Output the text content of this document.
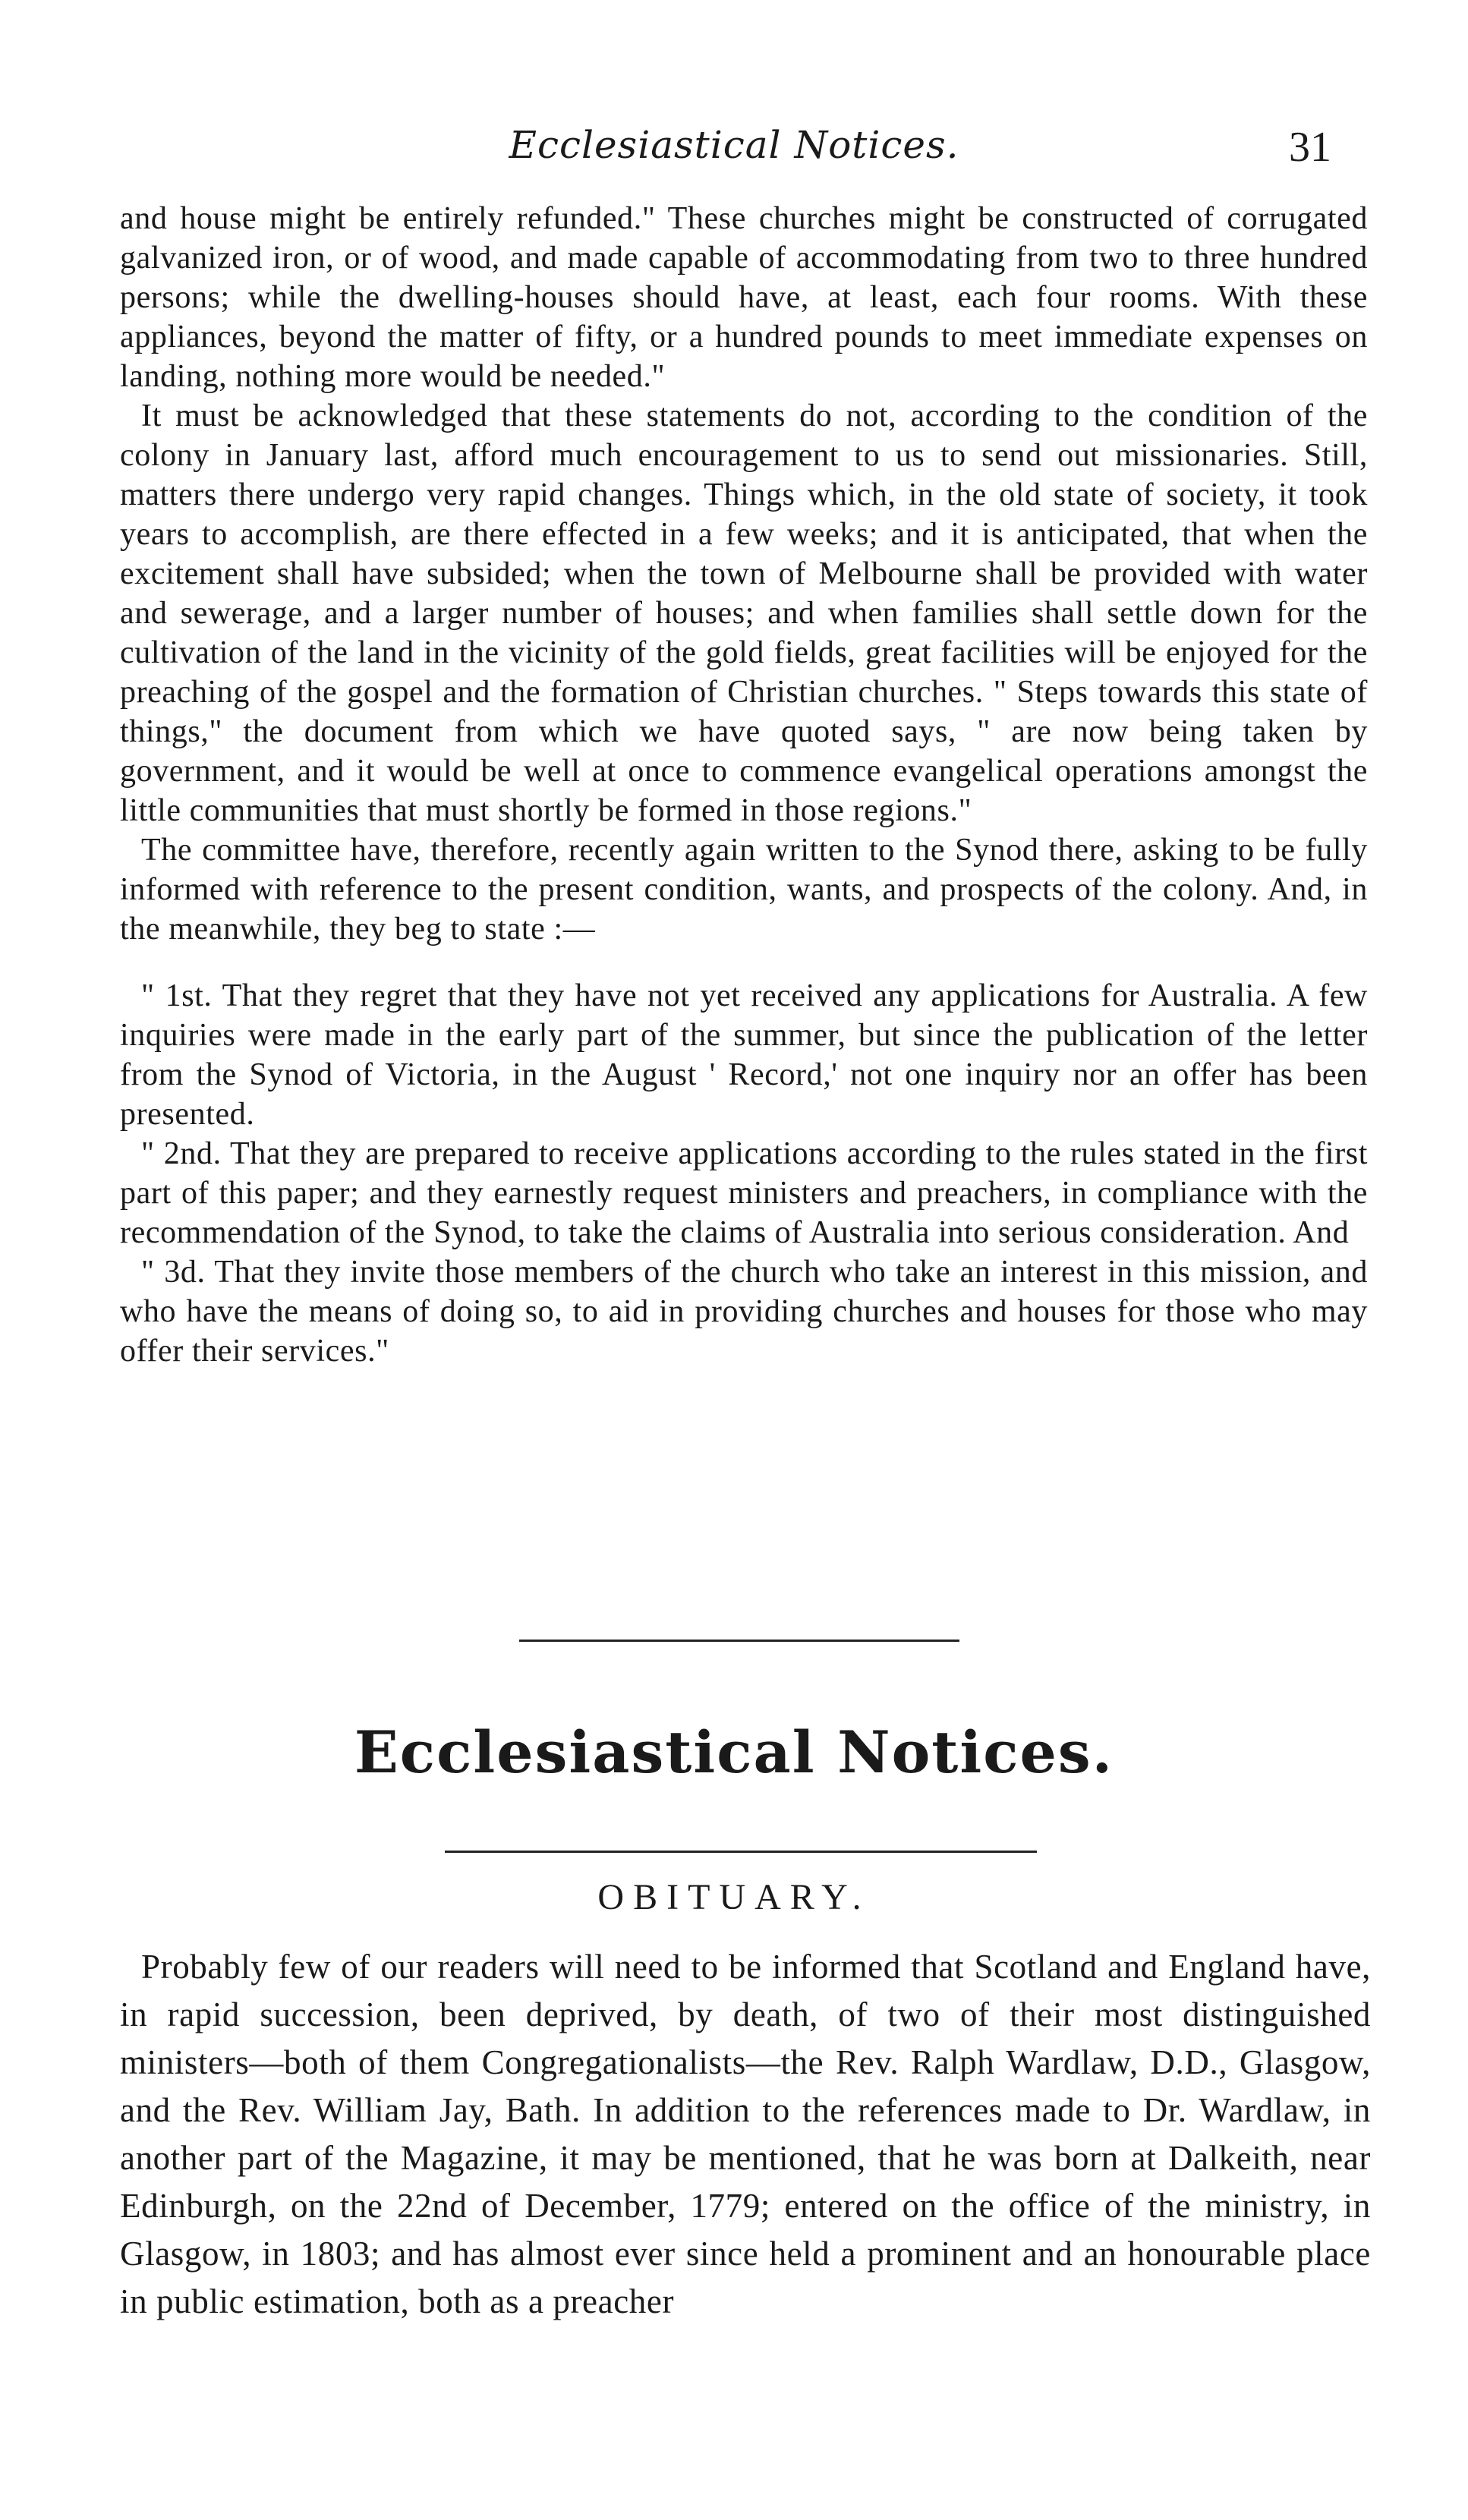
Ecclesiastical Notices.	31

and house might be entirely refunded." These churches might be constructed of corrugated galvanized iron, or of wood, and made capable of accommodating from two to three hundred persons; while the dwelling-houses should have, at least, each four rooms. With these appliances, beyond the matter of fifty, or a hundred pounds to meet immediate expenses on landing, nothing more would be needed."

It must be acknowledged that these statements do not, according to the condition of the colony in January last, afford much encouragement to us to send out missionaries. Still, matters there undergo very rapid changes. Things which, in the old state of society, it took years to accomplish, are there effected in a few weeks; and it is anticipated, that when the excitement shall have subsided; when the town of Melbourne shall be provided with water and sewerage, and a larger number of houses; and when families shall settle down for the cultivation of the land in the vicinity of the gold fields, great facilities will be enjoyed for the preaching of the gospel and the formation of Christian churches. " Steps towards this state of things," the document from which we have quoted says, " are now being taken by government, and it would be well at once to commence evangelical operations amongst the little communities that must shortly be formed in those regions."

The committee have, therefore, recently again written to the Synod there, asking to be fully informed with reference to the present condition, wants, and prospects of the colony. And, in the meanwhile, they beg to state :—

" 1st. That they regret that they have not yet received any applications for Australia. A few inquiries were made in the early part of the summer, but since the publication of the letter from the Synod of Victoria, in the August ' Record,' not one inquiry nor an offer has been presented.

" 2nd. That they are prepared to receive applications according to the rules stated in the first part of this paper; and they earnestly request ministers and preachers, in compliance with the recommendation of the Synod, to take the claims of Australia into serious consideration. And

" 3d. That they invite those members of the church who take an interest in this mission, and who have the means of doing so, to aid in providing churches and houses for those who may offer their services."

Ecclesiastical Notices.
OBITUARY.

Probably few of our readers will need to be informed that Scotland and England have, in rapid succession, been deprived, by death, of two of their most distinguished ministers—both of them Congregationalists—the Rev. Ralph Wardlaw, D.D., Glasgow, and the Rev. William Jay, Bath. In addition to the references made to Dr. Wardlaw, in another part of the Magazine, it may be mentioned, that he was born at Dalkeith, near Edinburgh, on the 22nd of December, 1779; entered on the office of the ministry, in Glasgow, in 1803; and has almost ever since held a prominent and an honourable place in public estimation, both as a preacher
